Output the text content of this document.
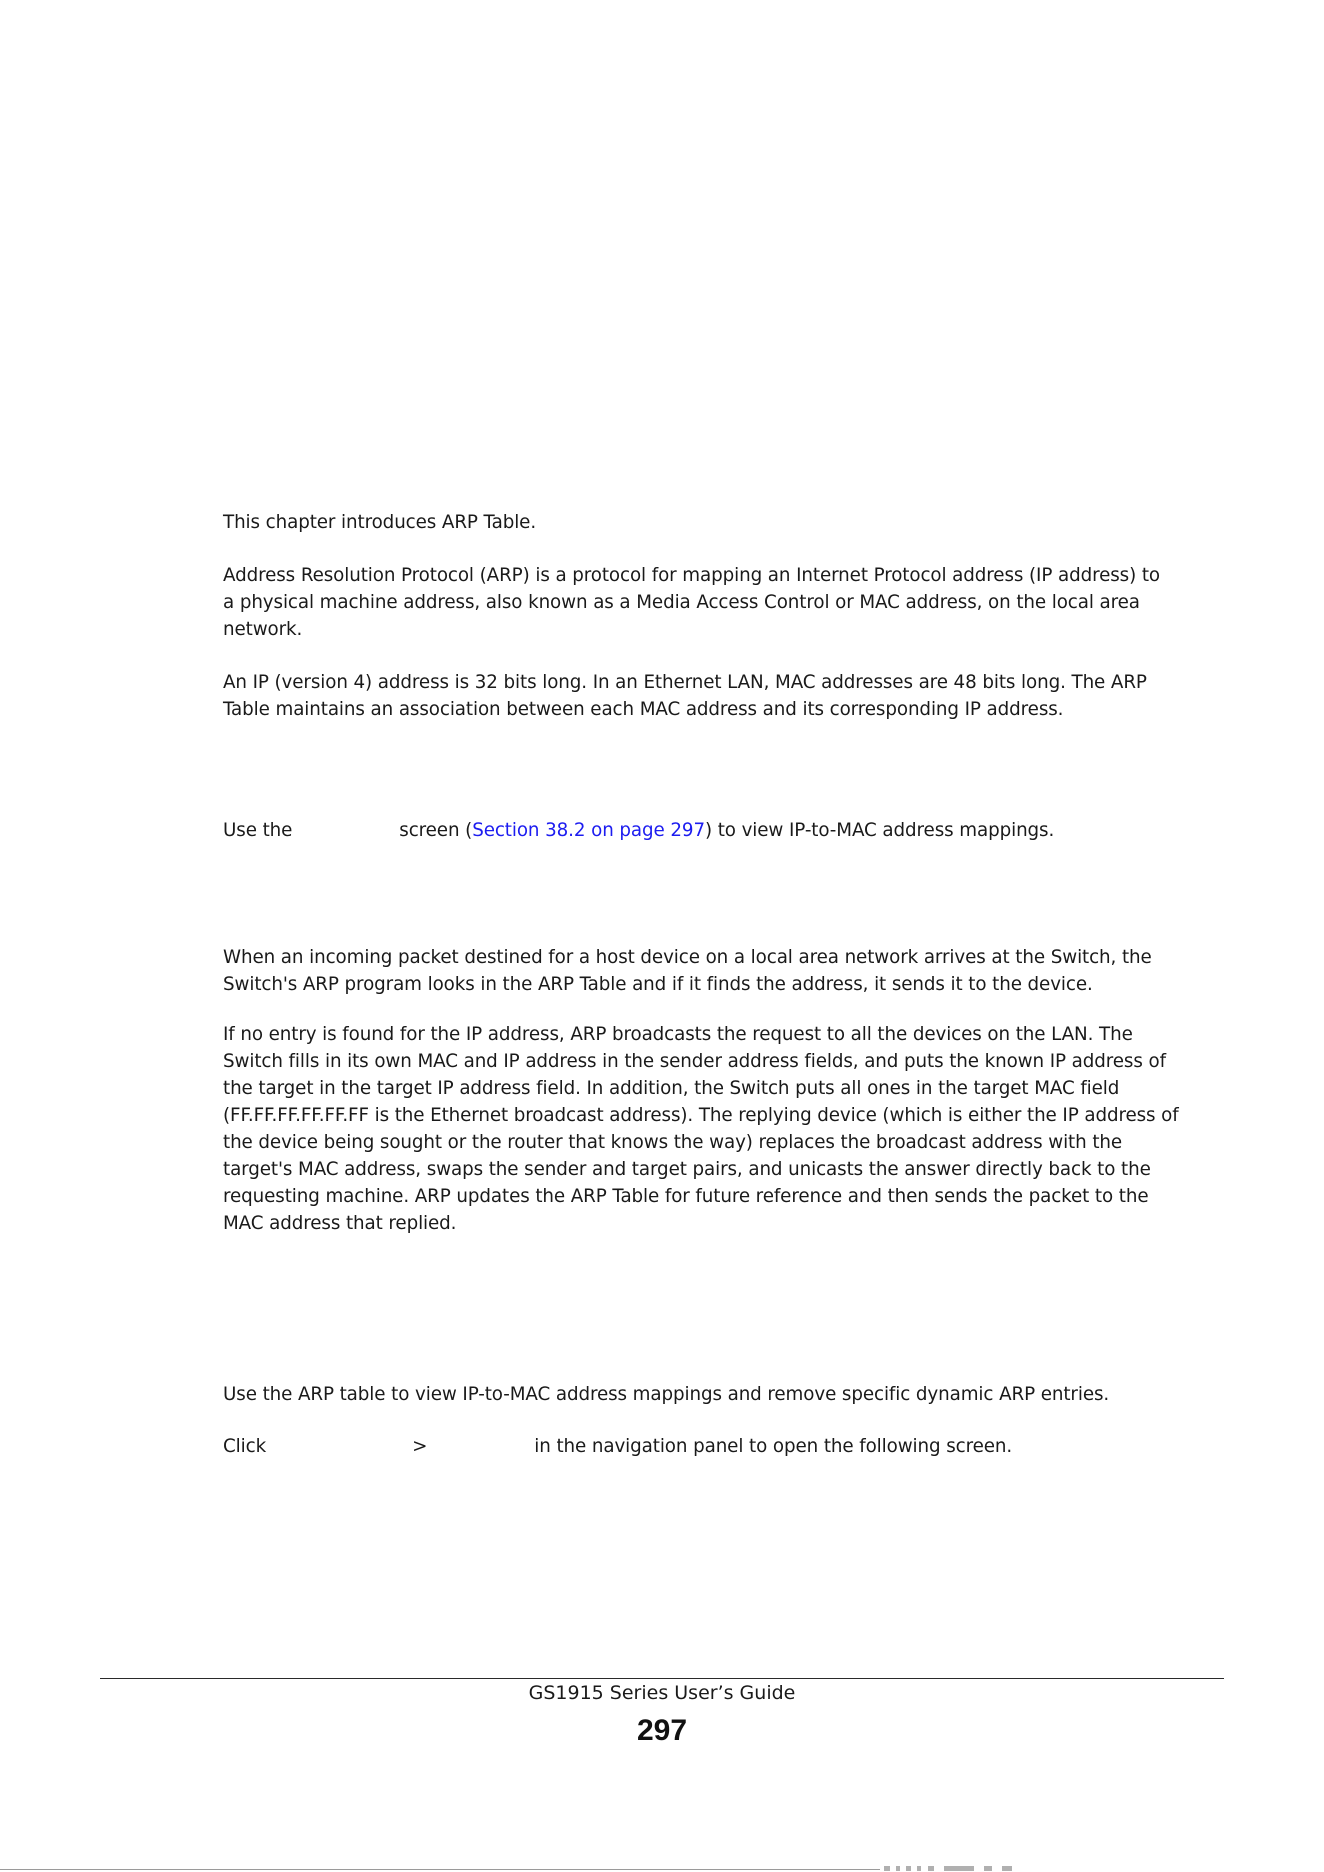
This chapter introduces ARP Table.

Address Resolution Protocol (ARP) is a protocol for mapping an Internet Protocol address (IP address) to
a physical machine address, also known as a Media Access Control or MAC address, on the local area
network.

An IP (version 4) address is 32 bits long. In an Ethernet LAN, MAC addresses are 48 bits long. The ARP
Table maintains an association between each MAC address and its corresponding IP address.

Use the	screen (Section 38.2 on page 297) to view IP-to-MAC address mappings.

When an incoming packet destined for a host device on a local area network arrives at the Switch, the
Switch's ARP program looks in the ARP Table and if it finds the address, it sends it to the device.

If no entry is found for the IP address, ARP broadcasts the request to all the devices on the LAN. The
Switch fills in its own MAC and IP address in the sender address fields, and puts the known IP address of
the target in the target IP address field. In addition, the Switch puts all ones in the target MAC field
(FF.FF.FF.FF.FF.FF is the Ethernet broadcast address). The replying device (which is either the IP address of
the device being sought or the router that knows the way) replaces the broadcast address with the
target's MAC address, swaps the sender and target pairs, and unicasts the answer directly back to the
requesting machine. ARP updates the ARP Table for future reference and then sends the packet to the
MAC address that replied.

Use the ARP table to view IP-to-MAC address mappings and remove specific dynamic ARP entries.

Click	>	in the navigation panel to open the following screen.

GS1915 Series User’s Guide
297
